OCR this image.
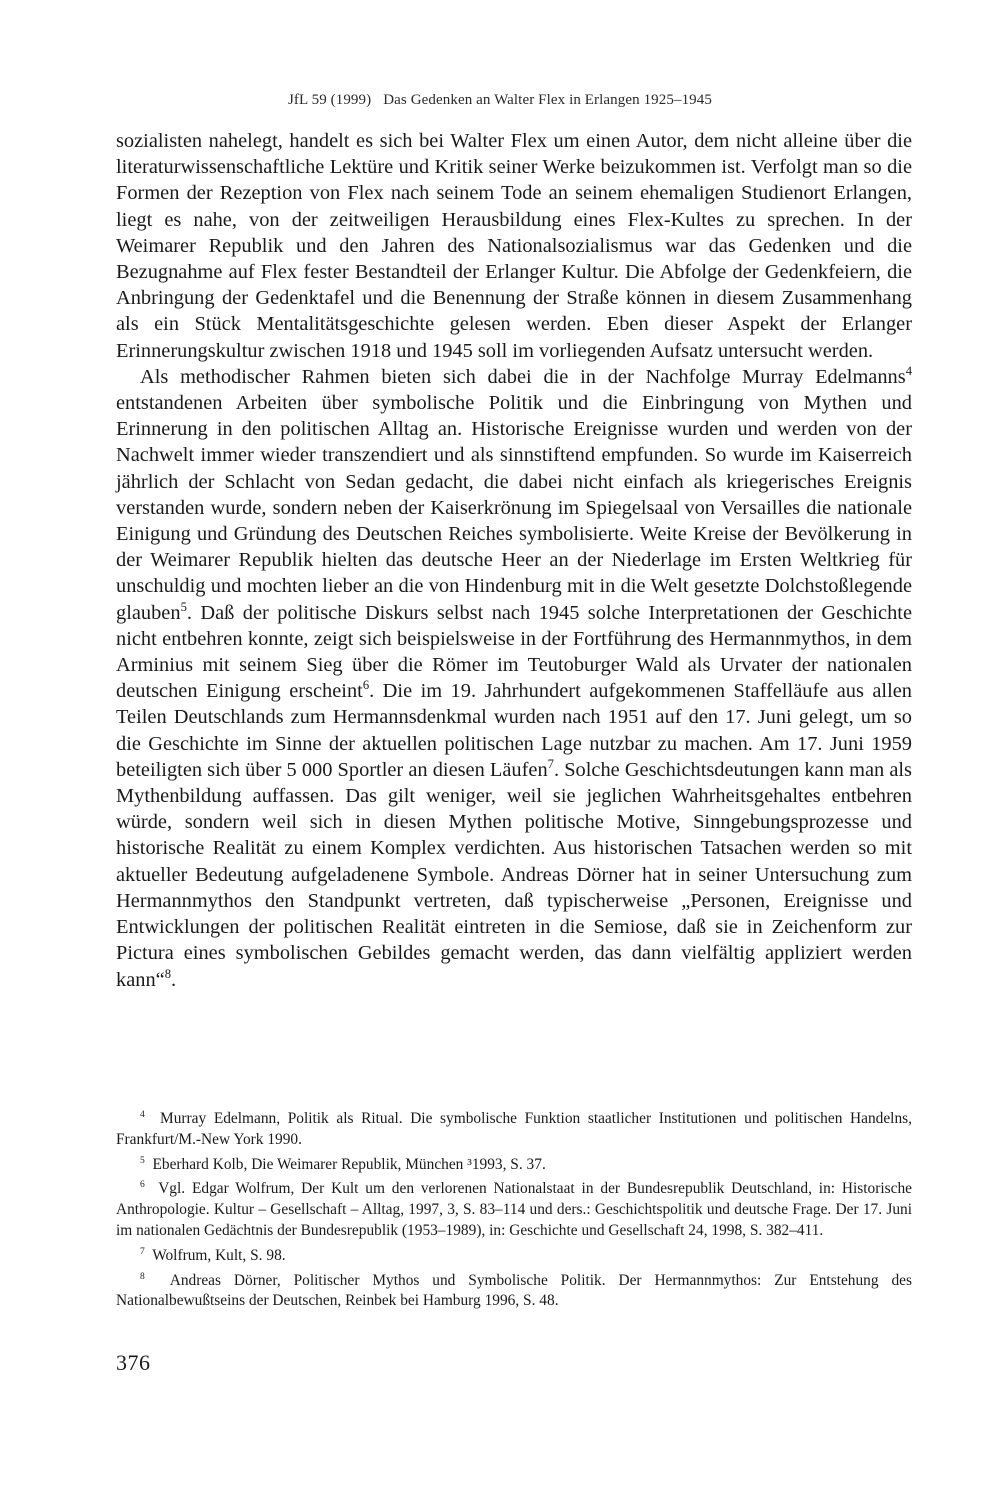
JfL 59 (1999) Das Gedenken an Walter Flex in Erlangen 1925–1945

sozialisten nahelegt, handelt es sich bei Walter Flex um einen Autor, dem nicht alleine über die literaturwissenschaftliche Lektüre und Kritik seiner Werke beizukommen ist. Verfolgt man so die Formen der Rezeption von Flex nach seinem Tode an seinem ehemaligen Studienort Erlangen, liegt es nahe, von der zeitweiligen Herausbildung eines Flex-Kultes zu sprechen. In der Weimarer Republik und den Jahren des Nationalsozialismus war das Gedenken und die Bezugnahme auf Flex fester Bestandteil der Erlanger Kultur. Die Abfolge der Gedenkfeiern, die Anbringung der Gedenktafel und die Benennung der Straße können in diesem Zusammenhang als ein Stück Mentalitätsgeschichte gelesen werden. Eben dieser Aspekt der Erlanger Erinnerungskultur zwischen 1918 und 1945 soll im vorliegenden Aufsatz untersucht werden.

Als methodischer Rahmen bieten sich dabei die in der Nachfolge Murray Edelmanns$^4$ entstandenen Arbeiten über symbolische Politik und die Einbringung von Mythen und Erinnerung in den politischen Alltag an. Historische Ereignisse wurden und werden von der Nachwelt immer wieder transzendiert und als sinnstiftend empfunden. So wurde im Kaiserreich jährlich der Schlacht von Sedan gedacht, die dabei nicht einfach als kriegerisches Ereignis verstanden wurde, sondern neben der Kaiserkrönung im Spiegelsaal von Versailles die nationale Einigung und Gründung des Deutschen Reiches symbolisierte. Weite Kreise der Bevölkerung in der Weimarer Republik hielten das deutsche Heer an der Niederlage im Ersten Weltkrieg für unschuldig und mochten lieber an die von Hindenburg mit in die Welt gesetzte Dolchstoßlegende glauben$^5$. Daß der politische Diskurs selbst nach 1945 solche Interpretationen der Geschichte nicht entbehren konnte, zeigt sich beispielsweise in der Fortführung des Hermannmythos, in dem Arminius mit seinem Sieg über die Römer im Teutoburger Wald als Urvater der nationalen deutschen Einigung erscheint$^6$. Die im 19. Jahrhundert aufgekommenen Staffelläufe aus allen Teilen Deutschlands zum Hermannsdenkmal wurden nach 1951 auf den 17. Juni gelegt, um so die Geschichte im Sinne der aktuellen politischen Lage nutzbar zu machen. Am 17. Juni 1959 beteiligten sich über 5 000 Sportler an diesen Läufen$^7$. Solche Geschichtsdeutungen kann man als Mythenbildung auffassen. Das gilt weniger, weil sie jeglichen Wahrheitsgehaltes entbehren würde, sondern weil sich in diesen Mythen politische Motive, Sinngebungsprozesse und historische Realität zu einem Komplex verdichten. Aus historischen Tatsachen werden so mit aktueller Bedeutung aufgeladenene Symbole. Andreas Dörner hat in seiner Untersuchung zum Hermannmythos den Standpunkt vertreten, daß typischerweise „Personen, Ereignisse und Entwicklungen der politischen Realität eintreten in die Semiose, daß sie in Zeichenform zur Pictura eines symbolischen Gebildes gemacht werden, das dann vielfältig appliziert werden kann“$^8$.

$^4$ Murray Edelmann, Politik als Ritual. Die symbolische Funktion staatlicher Institutionen und politischen Handelns, Frankfurt/M.-New York 1990.

$^5$ Eberhard Kolb, Die Weimarer Republik, München ³1993, S. 37.

$^6$ Vgl. Edgar Wolfrum, Der Kult um den verlorenen Nationalstaat in der Bundesrepublik Deutschland, in: Historische Anthropologie. Kultur – Gesellschaft – Alltag, 1997, 3, S. 83–114 und ders.: Geschichtspolitik und deutsche Frage. Der 17. Juni im nationalen Gedächtnis der Bundesrepublik (1953–1989), in: Geschichte und Gesellschaft 24, 1998, S. 382–411.

$^7$ Wolfrum, Kult, S. 98.

$^8$ Andreas Dörner, Politischer Mythos und Symbolische Politik. Der Hermannmythos: Zur Entstehung des Nationalbewußtseins der Deutschen, Reinbek bei Hamburg 1996, S. 48.

376
